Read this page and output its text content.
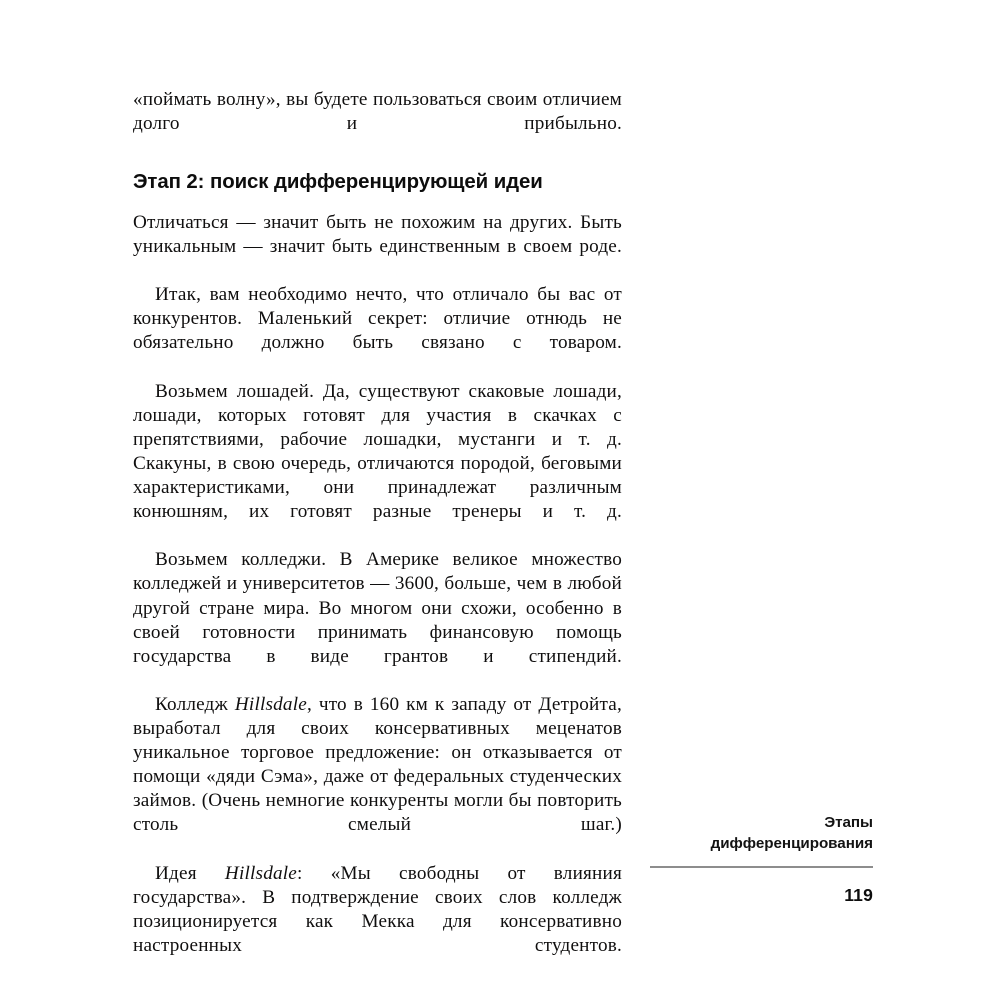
«поймать волну», вы будете пользоваться своим отличием долго и прибыльно.

Этап 2: поиск дифференцирующей идеи

Отличаться — значит быть не похожим на других. Быть уникальным — значит быть единственным в своем роде.

Итак, вам необходимо нечто, что отличало бы вас от конкурентов. Маленький секрет: отличие отнюдь не обязательно должно быть связано с товаром.

Возьмем лошадей. Да, существуют скаковые лошади, лошади, которых готовят для участия в скачках с препятствиями, рабочие лошадки, мустанги и т. д. Скакуны, в свою очередь, отличаются породой, беговыми характеристиками, они принадлежат различным конюшням, их готовят разные тренеры и т. д.

Возьмем колледжи. В Америке великое множество колледжей и университетов — 3600, больше, чем в любой другой стране мира. Во многом они схожи, особенно в своей готовности принимать финансовую помощь государства в виде грантов и стипендий.

Колледж Hillsdale, что в 160 км к западу от Детройта, выработал для своих консервативных меценатов уникальное торговое предложение: он отказывается от помощи «дяди Сэма», даже от федеральных студенческих займов. (Очень немногие конкуренты могли бы повторить столь смелый шаг.)

Идея Hillsdale: «Мы свободны от влияния государства». В подтверждение своих слов колледж позиционируется как Мекка для консервативно настроенных студентов.

Этапы
дифференцирования
119
